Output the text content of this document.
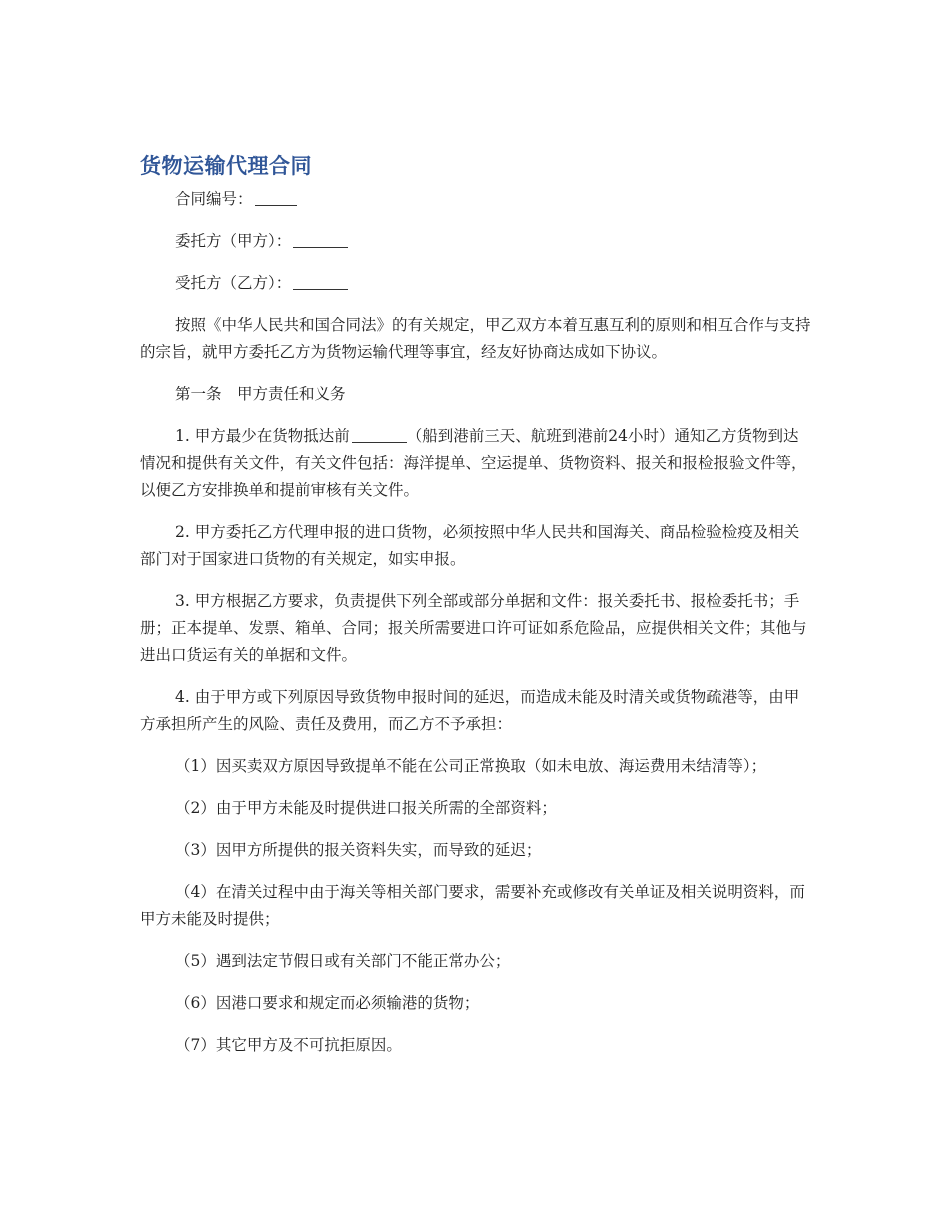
货物运输代理合同

合同编号：

委托方（甲方）：

受托方（乙方）：

按照《中华人民共和国合同法》的有关规定，甲乙双方本着互惠互利的原则和相互合作与支持的宗旨，就甲方委托乙方为货物运输代理等事宜，经友好协商达成如下协议。

第一条　甲方责任和义务

1. 甲方最少在货物抵达前	（船到港前三天、航班到港前24小时）通知乙方货物到达情况和提供有关文件，有关文件包括：海洋提单、空运提单、货物资料、报关和报检报验文件等，以便乙方安排换单和提前审核有关文件。

2. 甲方委托乙方代理申报的进口货物，必须按照中华人民共和国海关、商品检验检疫及相关部门对于国家进口货物的有关规定，如实申报。

3. 甲方根据乙方要求，负责提供下列全部或部分单据和文件：报关委托书、报检委托书；手册；正本提单、发票、箱单、合同；报关所需要进口许可证如系危险品，应提供相关文件；其他与进出口货运有关的单据和文件。

4. 由于甲方或下列原因导致货物申报时间的延迟，而造成未能及时清关或货物疏港等，由甲方承担所产生的风险、责任及费用，而乙方不予承担：

（1）因买卖双方原因导致提单不能在公司正常换取（如未电放、海运费用未结清等）；

（2）由于甲方未能及时提供进口报关所需的全部资料；

（3）因甲方所提供的报关资料失实，而导致的延迟；

（4）在清关过程中由于海关等相关部门要求，需要补充或修改有关单证及相关说明资料，而甲方未能及时提供；

（5）遇到法定节假日或有关部门不能正常办公；

（6）因港口要求和规定而必须输港的货物；

（7）其它甲方及不可抗拒原因。
